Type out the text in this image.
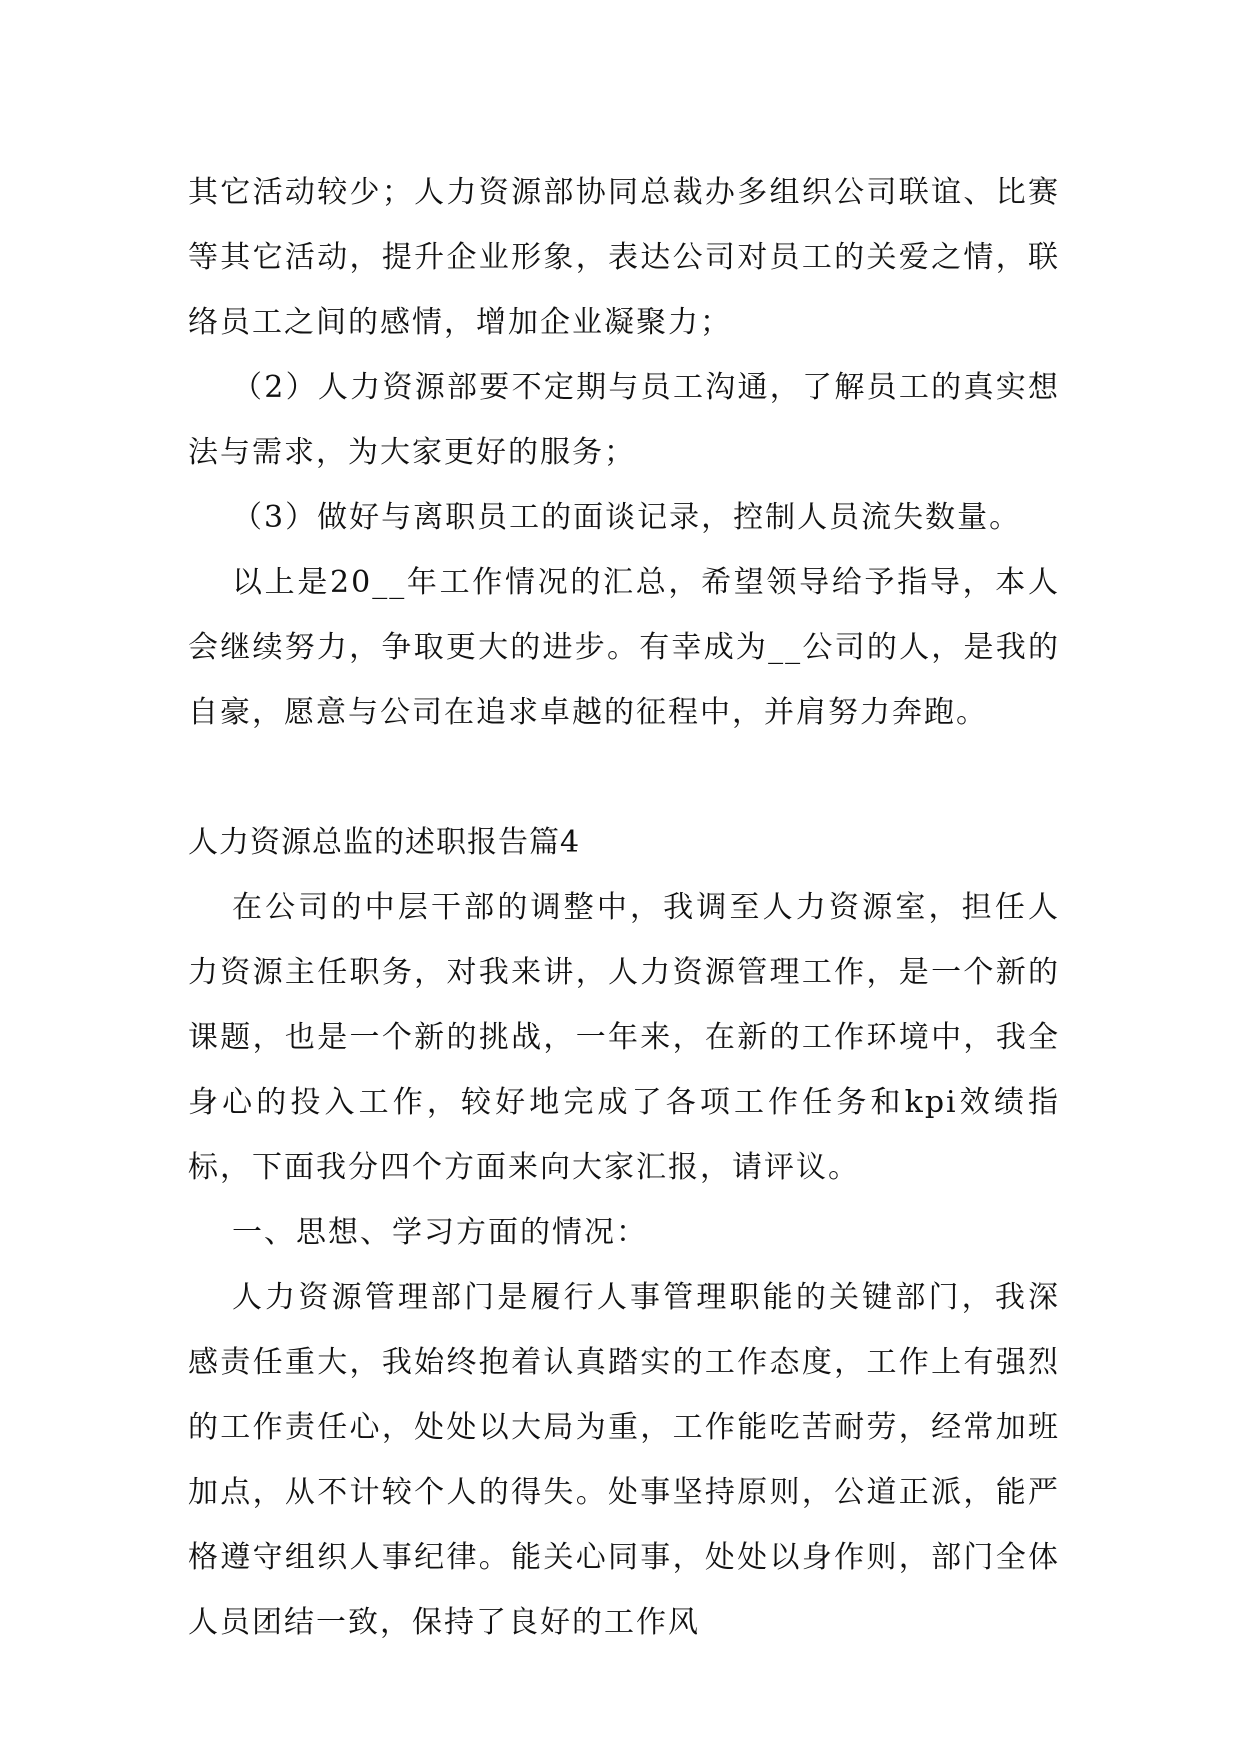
其它活动较少；人力资源部协同总裁办多组织公司联谊、比赛等其它活动，提升企业形象，表达公司对员工的关爱之情，联络员工之间的感情，增加企业凝聚力；

（2）人力资源部要不定期与员工沟通，了解员工的真实想法与需求，为大家更好的服务；

（3）做好与离职员工的面谈记录，控制人员流失数量。

以上是20__年工作情况的汇总，希望领导给予指导，本人会继续努力，争取更大的进步。有幸成为__公司的人，是我的自豪，愿意与公司在追求卓越的征程中，并肩努力奔跑。

人力资源总监的述职报告篇4

在公司的中层干部的调整中，我调至人力资源室，担任人力资源主任职务，对我来讲，人力资源管理工作，是一个新的课题，也是一个新的挑战，一年来，在新的工作环境中，我全身心的投入工作，较好地完成了各项工作任务和kpi效绩指标，下面我分四个方面来向大家汇报，请评议。

一、思想、学习方面的情况：

人力资源管理部门是履行人事管理职能的关键部门，我深感责任重大，我始终抱着认真踏实的工作态度，工作上有强烈的工作责任心，处处以大局为重，工作能吃苦耐劳，经常加班加点，从不计较个人的得失。处事坚持原则，公道正派，能严格遵守组织人事纪律。能关心同事，处处以身作则，部门全体人员团结一致，保持了良好的工作风
